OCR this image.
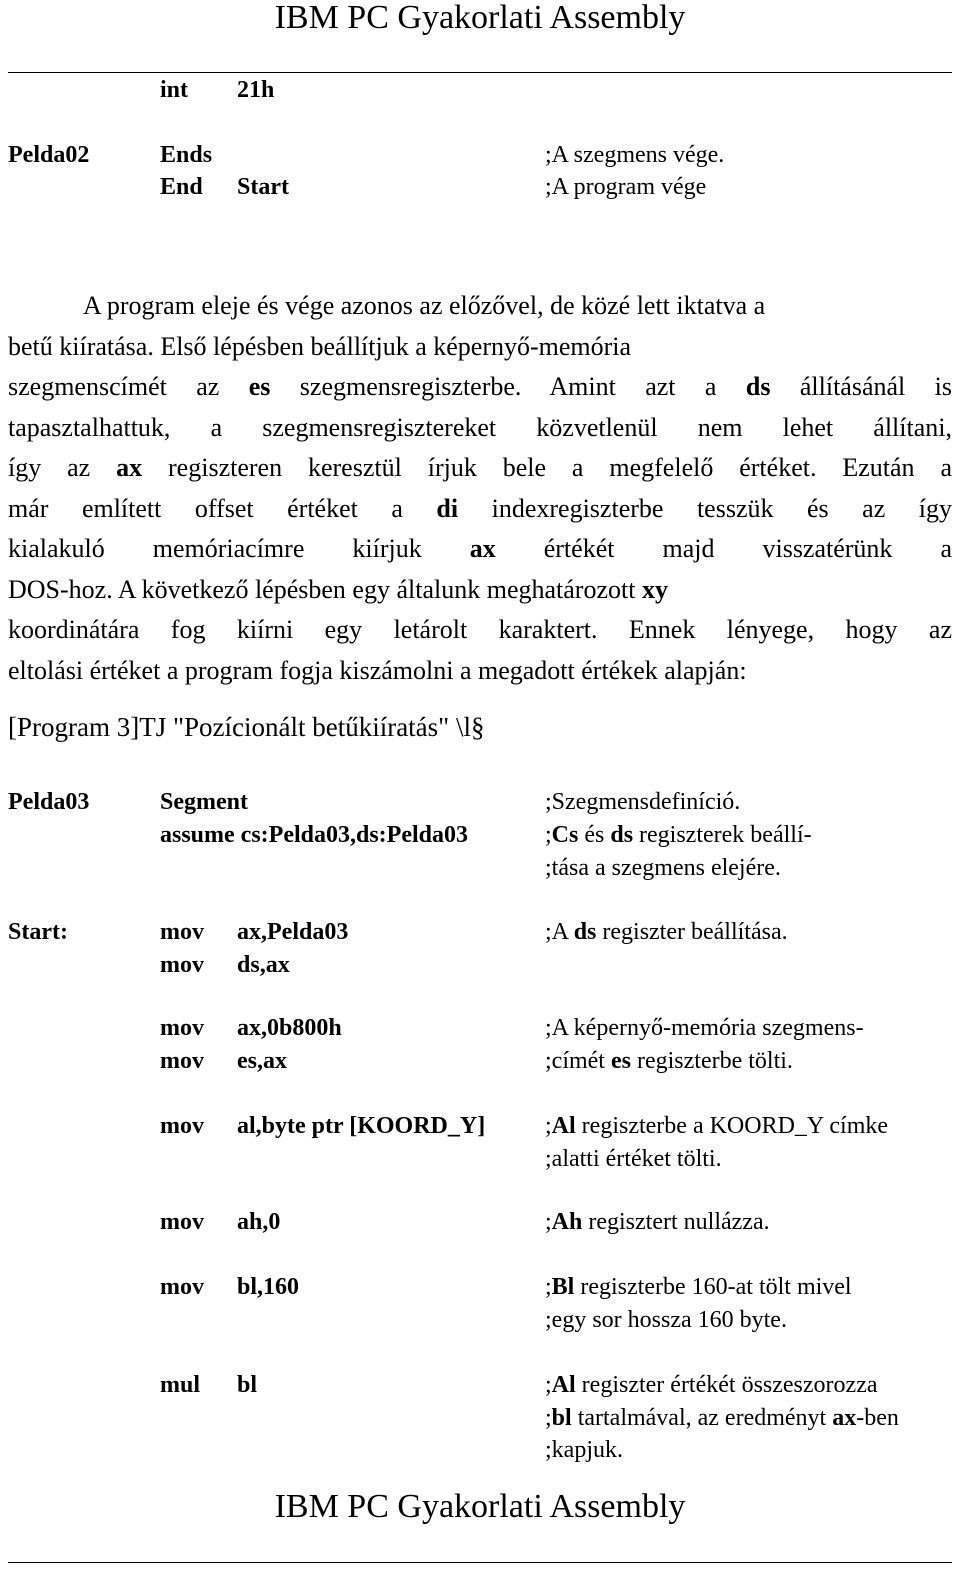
IBM PC Gyakorlati Assembly
int 21h
Pelda02	Ends	;A szegmens vége.
End Start	;A program vége
A program eleje és vége azonos az előzővel, de közé lett iktatva a
betű kiíratása. Első lépésben beállítjuk a képernyő-memória
szegmenscímét az es szegmensregiszterbe. Amint azt a ds állításánál is
tapasztalhattuk, a szegmensregisztereket közvetlenül nem lehet állítani,
így az ax regiszteren keresztül írjuk bele a megfelelő értéket. Ezután a
már említett offset értéket a di indexregiszterbe tesszük és az így
kialakuló memóriacímre kiírjuk ax értékét majd visszatérünk a
DOS-hoz. A következő lépésben egy általunk meghatározott xy
koordinátára fog kiírni egy letárolt karaktert. Ennek lényege, hogy az
eltolási értéket a program fogja kiszámolni a megadott értékek alapján:
[Program 3]TJ "Pozícionált betűkiíratás" \l§
Pelda03	Segment	;Szegmensdefiníció.
assume cs:Pelda03,ds:Pelda03	;Cs és ds regiszterek beállí-
;tása a szegmens elejére.
Start:	mov ax,Pelda03	;A ds regiszter beállítása.
mov ds,ax
mov ax,0b800h	;A képernyő-memória szegmens-
mov es,ax	;címét es regiszterbe tölti.
mov al,byte ptr [KOORD_Y] ;Al regiszterbe a KOORD_Y címke
;alatti értéket tölti.
mov ah,0	;Ah regisztert nullázza.
mov bl,160	;Bl regiszterbe 160-at tölt mivel
;egy sor hossza 160 byte.
mul bl	;Al regiszter értékét összeszorozza
;bl tartalmával, az eredményt ax-ben
;kapjuk.
IBM PC Gyakorlati Assembly
